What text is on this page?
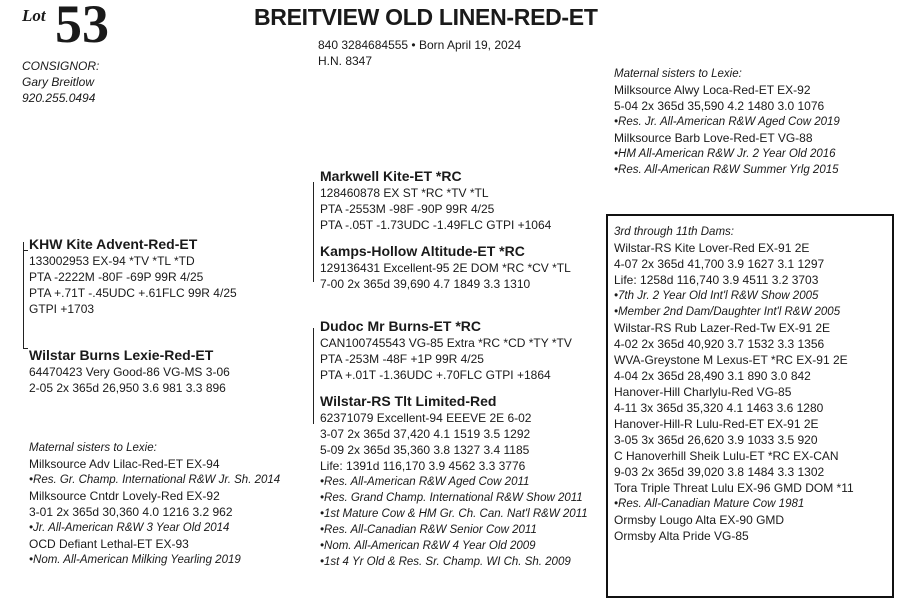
Lot 53	BREITVIEW OLD LINEN-RED-ET
840 3284684555 • Born April 19, 2024
H.N. 8347
CONSIGNOR:
Gary Breitlow
920.255.0494
KHW Kite Advent-Red-ET
133002953 EX-94 *TV *TL *TD
PTA -2222M -80F -69P 99R 4/25
PTA +.71T -.45UDC +.61FLC 99R 4/25
GTPI +1703
Wilstar Burns Lexie-Red-ET
64470423 Very Good-86 VG-MS 3-06
2-05 2x 365d 26,950 3.6 981 3.3 896
Markwell Kite-ET *RC
128460878 EX ST *RC *TV *TL
PTA -2553M -98F -90P 99R 4/25
PTA -.05T -1.73UDC -1.49FLC GTPI +1064
Kamps-Hollow Altitude-ET *RC
129136431 Excellent-95 2E DOM *RC *CV *TL
7-00 2x 365d 39,690 4.7 1849 3.3 1310
Dudoc Mr Burns-ET *RC
CAN100745543 VG-85 Extra *RC *CD *TY *TV
PTA -253M -48F +1P 99R 4/25
PTA +.01T -1.36UDC +.70FLC GTPI +1864
Wilstar-RS Tlt Limited-Red
62371079 Excellent-94 EEEVE 2E 6-02
3-07 2x 365d 37,420 4.1 1519 3.5 1292
5-09 2x 365d 35,360 3.8 1327 3.4 1185
Life: 1391d 116,170 3.9 4562 3.3 3776
•Res. All-American R&W Aged Cow 2011
•Res. Grand Champ. International R&W Show 2011
•1st Mature Cow & HM Gr. Ch. Can. Nat'l R&W 2011
•Res. All-Canadian R&W Senior Cow 2011
•Nom. All-American R&W 4 Year Old 2009
•1st 4 Yr Old & Res. Sr. Champ. WI Ch. Sh. 2009
Maternal sisters to Lexie:
Milksource Adv Lilac-Red-ET EX-94
•Res. Gr. Champ. International R&W Jr. Sh. 2014
Milksource Cntdr Lovely-Red EX-92
3-01 2x 365d 30,360 4.0 1216 3.2 962
•Jr. All-American R&W 3 Year Old 2014
OCD Defiant Lethal-ET EX-93
•Nom. All-American Milking Yearling 2019
Maternal sisters to Lexie:
Milksource Alwy Loca-Red-ET EX-92
5-04 2x 365d 35,590 4.2 1480 3.0 1076
•Res. Jr. All-American R&W Aged Cow 2019
Milksource Barb Love-Red-ET VG-88
•HM All-American R&W Jr. 2 Year Old 2016
•Res. All-American R&W Summer Yrlg 2015
3rd through 11th Dams:
Wilstar-RS Kite Lover-Red EX-91 2E
4-07 2x 365d 41,700 3.9 1627 3.1 1297
Life: 1258d 116,740 3.9 4511 3.2 3703
•7th Jr. 2 Year Old Int'l R&W Show 2005
•Member 2nd Dam/Daughter Int'l R&W 2005
Wilstar-RS Rub Lazer-Red-Tw EX-91 2E
4-02 2x 365d 40,920 3.7 1532 3.3 1356
WVA-Greystone M Lexus-ET *RC EX-91 2E
4-04 2x 365d 28,490 3.1 890 3.0 842
Hanover-Hill Charlylu-Red VG-85
4-11 3x 365d 35,320 4.1 1463 3.6 1280
Hanover-Hill-R Lulu-Red-ET EX-91 2E
3-05 3x 365d 26,620 3.9 1033 3.5 920
C Hanoverhill Sheik Lulu-ET *RC EX-CAN
9-03 2x 365d 39,020 3.8 1484 3.3 1302
Tora Triple Threat Lulu EX-96 GMD DOM *11
•Res. All-Canadian Mature Cow 1981
Ormsby Lougo Alta EX-90 GMD
Ormsby Alta Pride VG-85
